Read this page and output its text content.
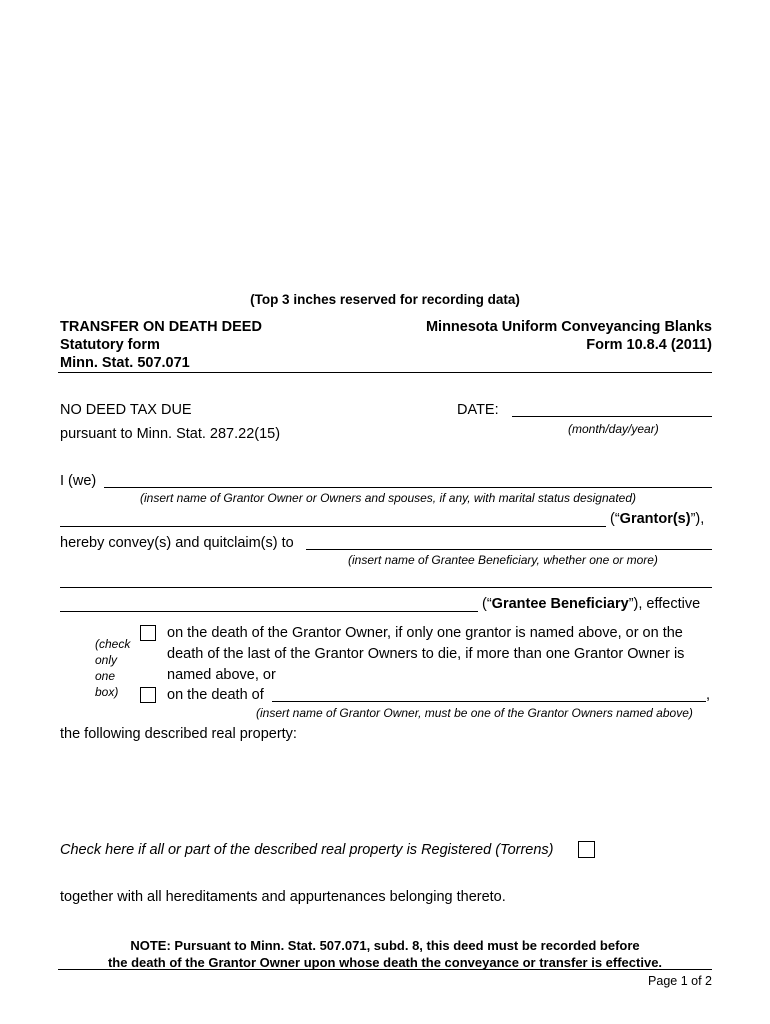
(Top 3 inches reserved for recording data)
TRANSFER ON DEATH DEED
Statutory form
Minn. Stat. 507.071
Minnesota Uniform Conveyancing Blanks
Form 10.8.4 (2011)
NO DEED TAX DUE
pursuant to Minn. Stat. 287.22(15)
DATE:
(month/day/year)
I (we)
(insert name of Grantor Owner or Owners and spouses, if any, with marital status designated)
(“Grantor(s)”),
hereby convey(s) and quitclaim(s) to
(insert name of Grantee Beneficiary, whether one or more)
(“Grantee Beneficiary”), effective
(check
only
one
box)
on the death of the Grantor Owner, if only one grantor is named above, or on the
death of the last of the Grantor Owners to die, if more than one Grantor Owner is
named above, or
on the death of	,
(insert name of Grantor Owner, must be one of the Grantor Owners named above)
the following described real property:
Check here if all or part of the described real property is Registered (Torrens)
together with all hereditaments and appurtenances belonging thereto.
NOTE: Pursuant to Minn. Stat. 507.071, subd. 8, this deed must be recorded before
the death of the Grantor Owner upon whose death the conveyance or transfer is effective.
Page 1 of 2
